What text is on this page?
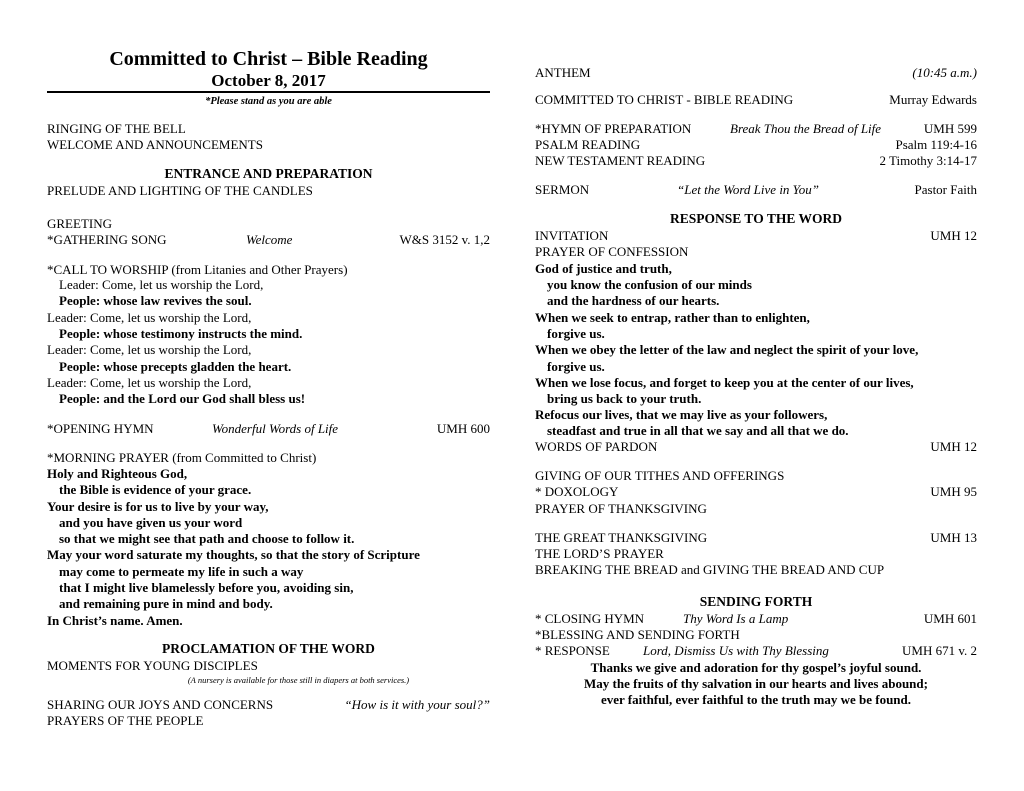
Committed to Christ – Bible Reading
October 8, 2017
*Please stand as you are able
RINGING OF THE BELL
WELCOME AND ANNOUNCEMENTS
ENTRANCE AND PREPARATION
PRELUDE AND LIGHTING OF THE CANDLES
GREETING
*GATHERING SONG	Welcome	W&S 3152 v. 1,2
*CALL TO WORSHIP (from Litanies and Other Prayers)
Leader: Come, let us worship the Lord,
People: whose law revives the soul.
Leader: Come, let us worship the Lord,
People: whose testimony instructs the mind.
Leader: Come, let us worship the Lord,
People: whose precepts gladden the heart.
Leader: Come, let us worship the Lord,
People: and the Lord our God shall bless us!
*OPENING HYMN	Wonderful Words of Life	UMH 600
*MORNING PRAYER (from Committed to Christ)
Holy and Righteous God,
the Bible is evidence of your grace.
Your desire is for us to live by your way,
and you have given us your word
so that we might see that path and choose to follow it.
May your word saturate my thoughts, so that the story of Scripture
may come to permeate my life in such a way
that I might live blamelessly before you, avoiding sin,
and remaining pure in mind and body.
In Christ’s name. Amen.
PROCLAMATION OF THE WORD
MOMENTS FOR YOUNG DISCIPLES
(A nursery is available for those still in diapers at both services.)
SHARING OUR JOYS AND CONCERNS	“How is it with your soul?”
PRAYERS OF THE PEOPLE
ANTHEM	(10:45 a.m.)
COMMITTED TO CHRIST - BIBLE READING	Murray Edwards
*HYMN OF PREPARATION	Break Thou the Bread of Life	UMH 599
PSALM READING	Psalm 119:4-16
NEW TESTAMENT READING	2 Timothy 3:14-17
SERMON	“Let the Word Live in You”	Pastor Faith
RESPONSE TO THE WORD
INVITATION	UMH 12
PRAYER OF CONFESSION
God of justice and truth,
you know the confusion of our minds
and the hardness of our hearts.
When we seek to entrap, rather than to enlighten,
forgive us.
When we obey the letter of the law and neglect the spirit of your love,
forgive us.
When we lose focus, and forget to keep you at the center of our lives,
bring us back to your truth.
Refocus our lives, that we may live as your followers,
steadfast and true in all that we say and all that we do.
WORDS OF PARDON	UMH 12
GIVING OF OUR TITHES AND OFFERINGS
* DOXOLOGY	UMH 95
PRAYER OF THANKSGIVING
THE GREAT THANKSGIVING	UMH 13
THE LORD’S PRAYER
BREAKING THE BREAD and GIVING THE BREAD AND CUP
SENDING FORTH
* CLOSING HYMN	Thy Word Is a Lamp	UMH 601
*BLESSING AND SENDING FORTH
* RESPONSE	Lord, Dismiss Us with Thy Blessing	UMH 671 v. 2
Thanks we give and adoration for thy gospel’s joyful sound.
May the fruits of thy salvation in our hearts and lives abound;
ever faithful, ever faithful to the truth may we be found.
